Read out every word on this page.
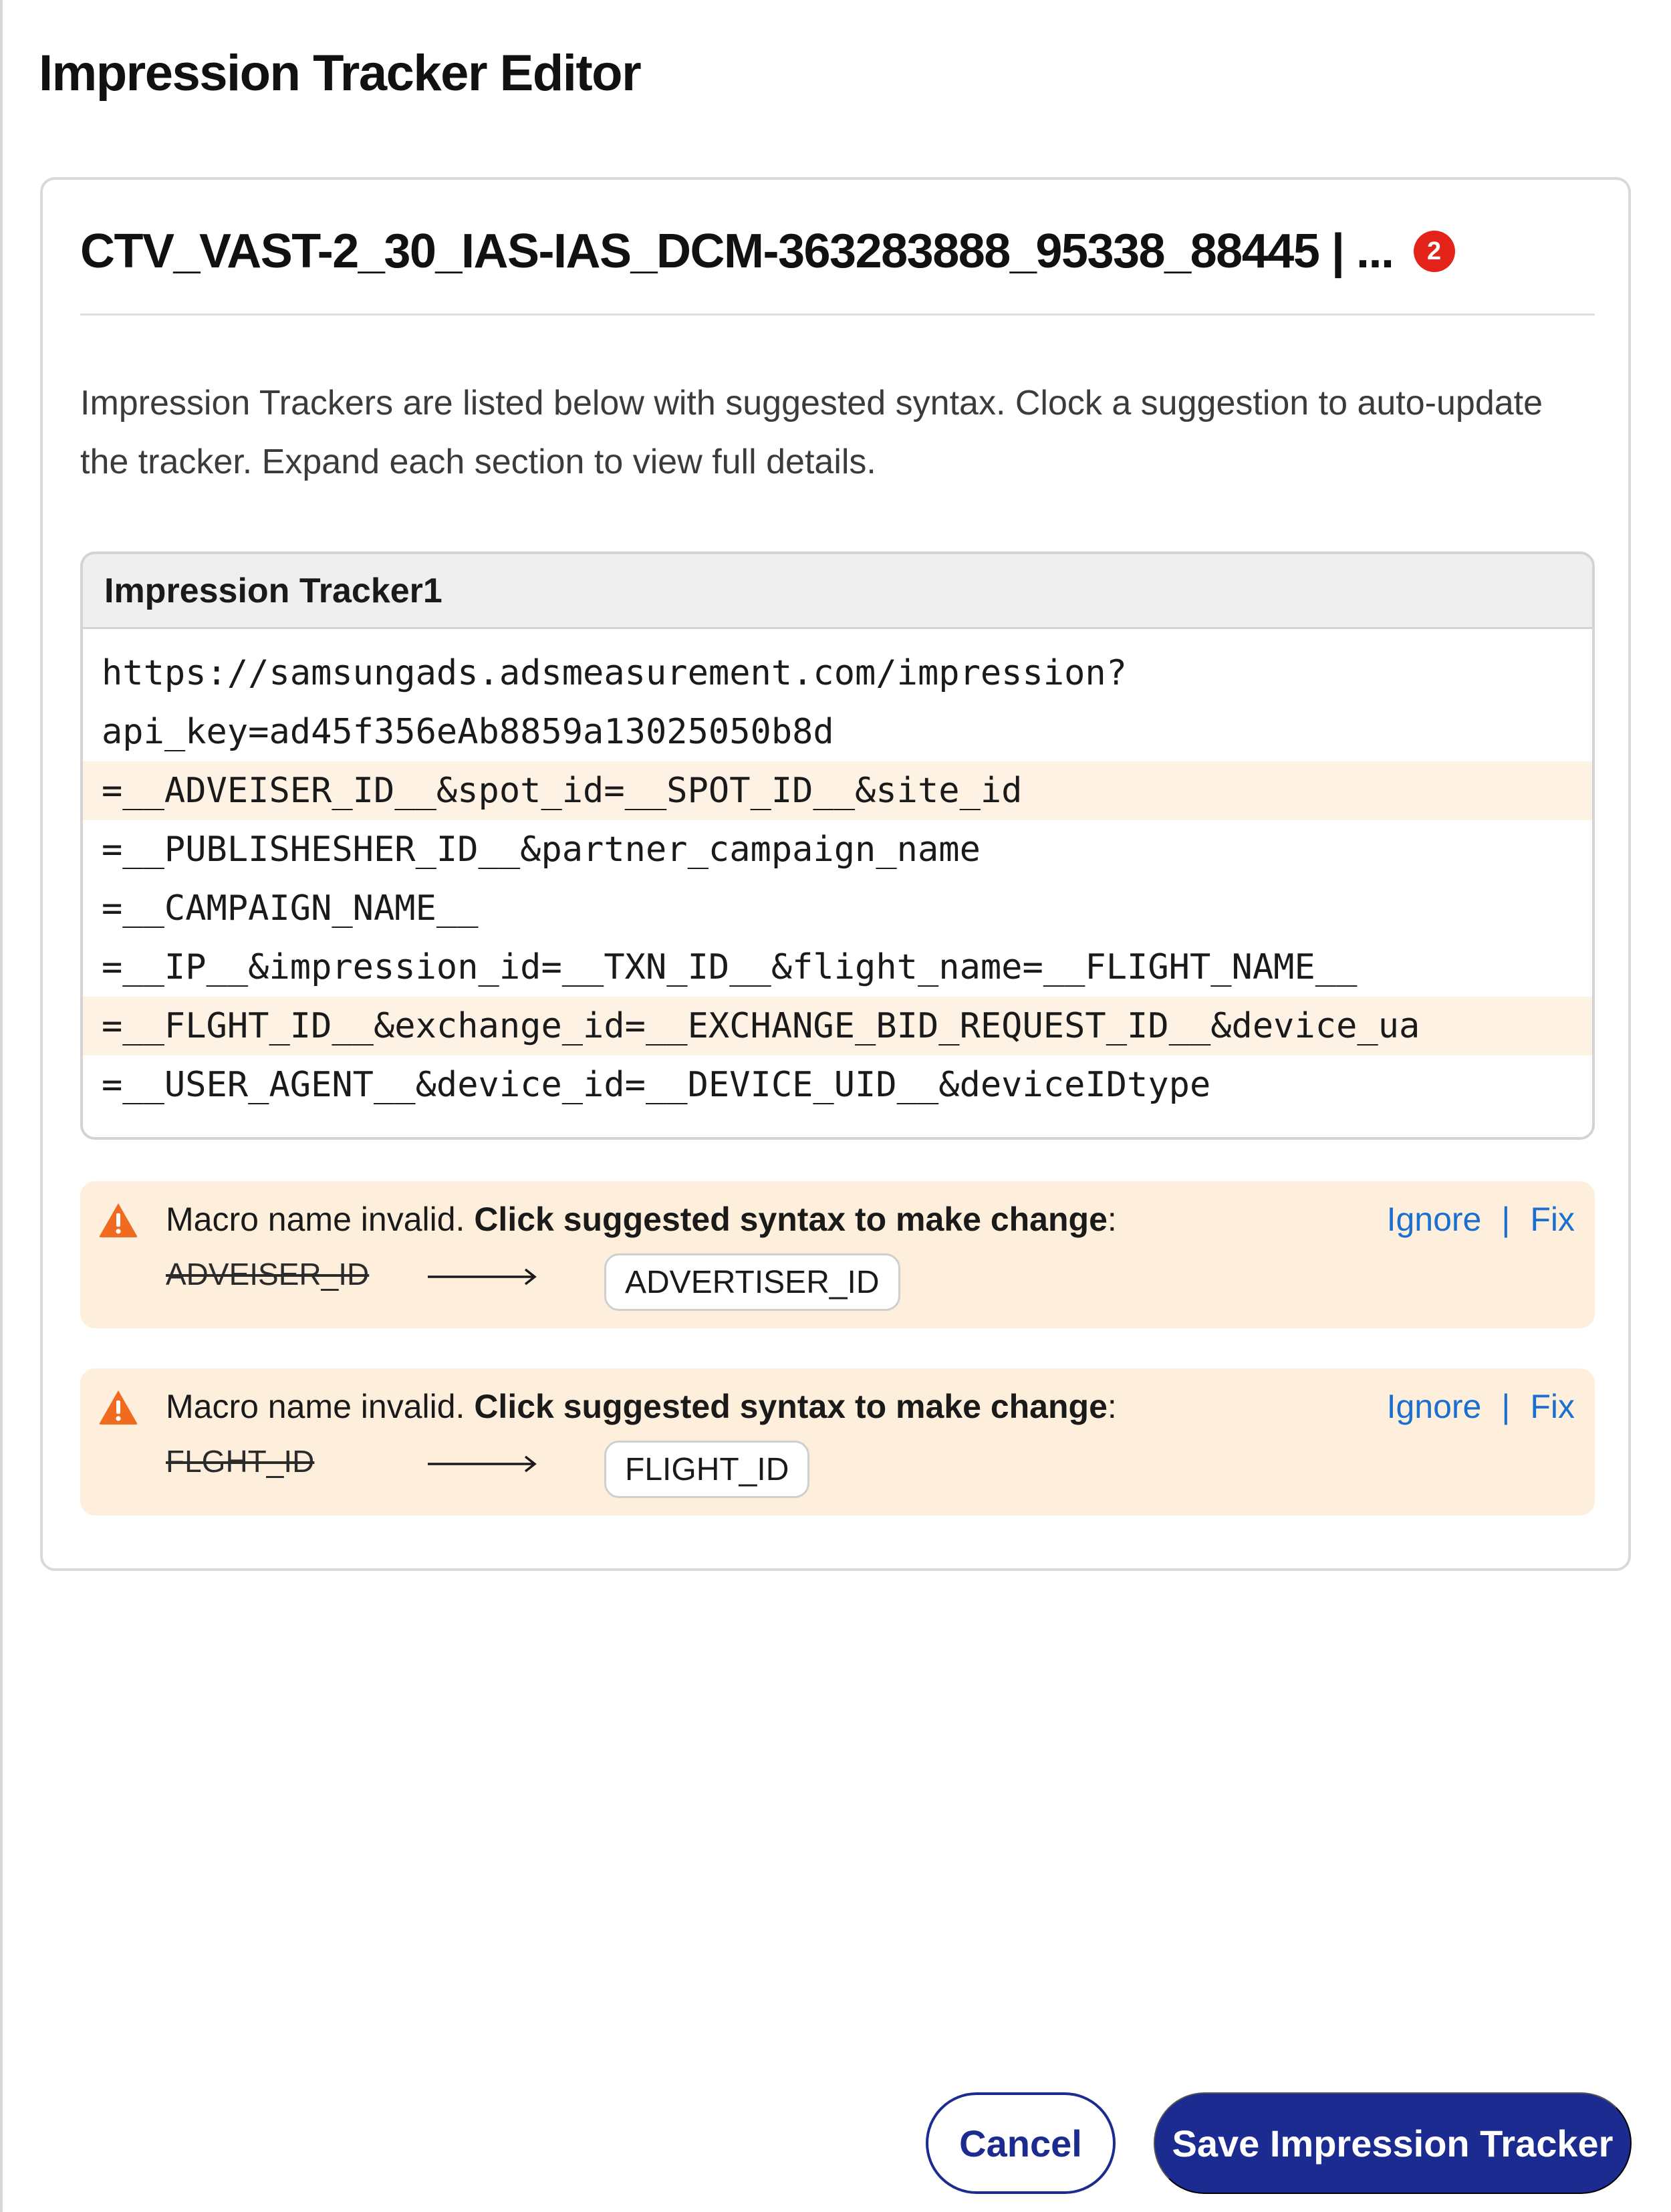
Impression Tracker Editor
CTV_VAST-2_30_IAS-IAS_DCM-363283888_95338_88445 | ...	2

Impression Trackers are listed below with suggested syntax. Clock a suggestion to auto-update the tracker. Expand each section to view full details.

Impression Tracker1
https://samsungads.adsmeasurement.com/impression?
api_key=ad45f356eAb8859a13025050b8d
=__ADVEISER_ID__&spot_id=__SPOT_ID__&site_id
=__PUBLISHESHER_ID__&partner_campaign_name
=__CAMPAIGN_NAME__
=__IP__&impression_id=__TXN_ID__&flight_name=__FLIGHT_NAME__
=__FLGHT_ID__&exchange_id=__EXCHANGE_BID_REQUEST_ID__&device_ua
=__USER_AGENT__&device_id=__DEVICE_UID__&deviceIDtype
Macro name invalid. Click suggested syntax to make change:	Ignore | Fix
ADVEISER_ID	ADVERTISER_ID
Macro name invalid. Click suggested syntax to make change:	Ignore | Fix
FLGHT_ID	FLIGHT_ID
Cancel	Save Impression Tracker
